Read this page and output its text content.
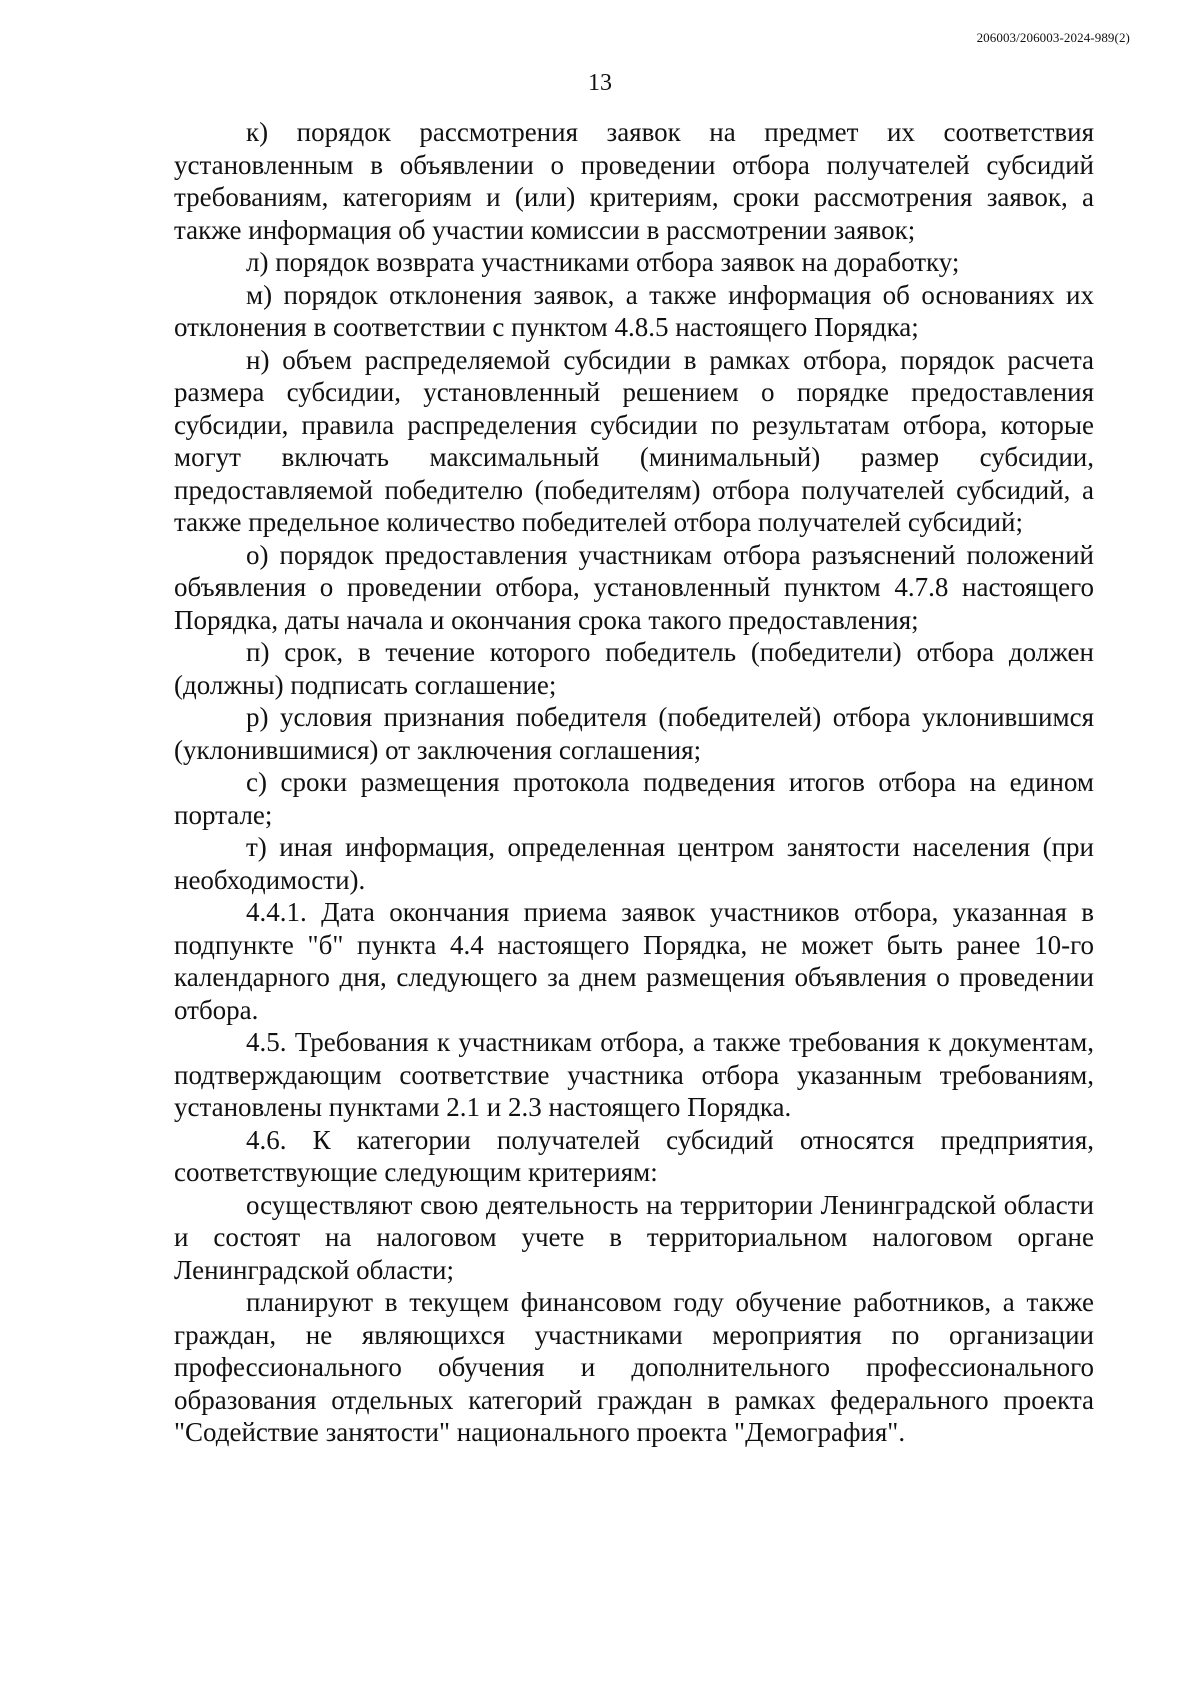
206003/206003-2024-989(2)
13

к) порядок рассмотрения заявок на предмет их соответствия установленным в объявлении о проведении отбора получателей субсидий требованиям, категориям и (или) критериям, сроки рассмотрения заявок, а также информация об участии комиссии в рассмотрении заявок;

л) порядок возврата участниками отбора заявок на доработку;

м) порядок отклонения заявок, а также информация об основаниях их отклонения в соответствии с пунктом 4.8.5 настоящего Порядка;

н) объем распределяемой субсидии в рамках отбора, порядок расчета размера субсидии, установленный решением о порядке предоставления субсидии, правила распределения субсидии по результатам отбора, которые могут включать максимальный (минимальный) размер субсидии, предоставляемой победителю (победителям) отбора получателей субсидий, а также предельное количество победителей отбора получателей субсидий;

о) порядок предоставления участникам отбора разъяснений положений объявления о проведении отбора, установленный пунктом 4.7.8 настоящего Порядка, даты начала и окончания срока такого предоставления;

п) срок, в течение которого победитель (победители) отбора должен (должны) подписать соглашение;

р) условия признания победителя (победителей) отбора уклонившимся (уклонившимися) от заключения соглашения;

с) сроки размещения протокола подведения итогов отбора на едином портале;

т) иная информация, определенная центром занятости населения (при необходимости).

4.4.1. Дата окончания приема заявок участников отбора, указанная в подпункте "б" пункта 4.4 настоящего Порядка, не может быть ранее 10-го календарного дня, следующего за днем размещения объявления о проведении отбора.

4.5. Требования к участникам отбора, а также требования к документам, подтверждающим соответствие участника отбора указанным требованиям, установлены пунктами 2.1 и 2.3 настоящего Порядка.

4.6. К категории получателей субсидий относятся предприятия, соответствующие следующим критериям:

осуществляют свою деятельность на территории Ленинградской области и состоят на налоговом учете в территориальном налоговом органе Ленинградской области;

планируют в текущем финансовом году обучение работников, а также граждан, не являющихся участниками мероприятия по организации профессионального обучения и дополнительного профессионального образования отдельных категорий граждан в рамках федерального проекта "Содействие занятости" национального проекта "Демография".
